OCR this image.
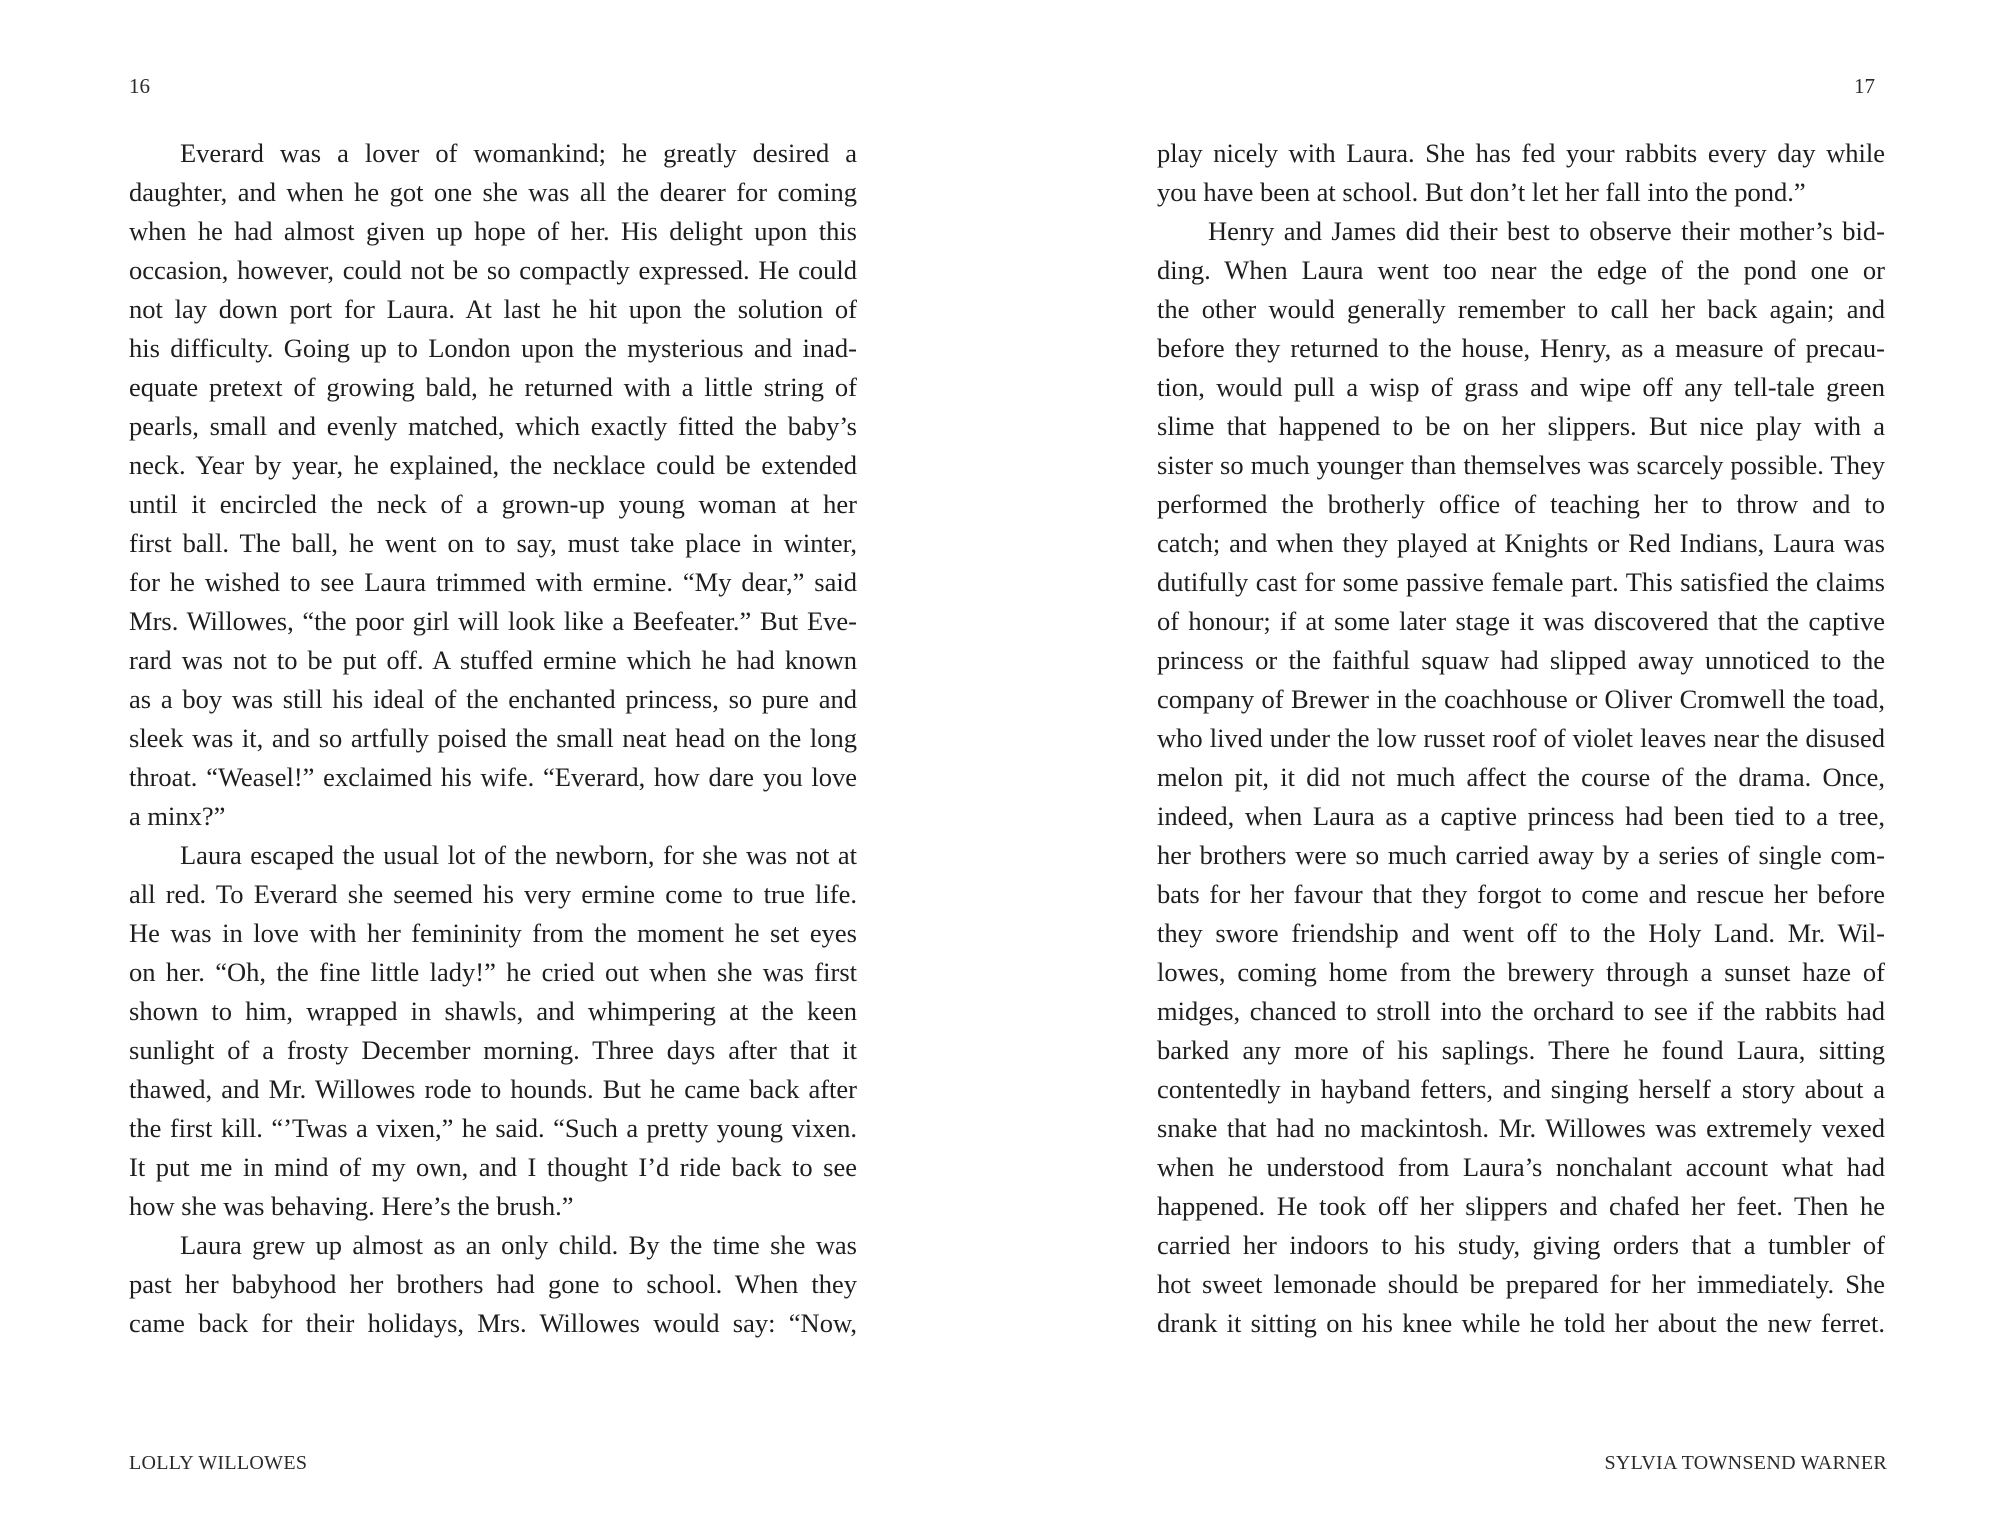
16
Everard was a lover of womankind; he greatly desired a
daughter, and when he got one she was all the dearer for coming
when he had almost given up hope of her. His delight upon this
occasion, however, could not be so compactly expressed. He could
not lay down port for Laura. At last he hit upon the solution of
his difficulty. Going up to London upon the mysterious and inad-
equate pretext of growing bald, he returned with a little string of
pearls, small and evenly matched, which exactly fitted the baby’s
neck. Year by year, he explained, the necklace could be extended
until it encircled the neck of a grown-up young woman at her
first ball. The ball, he went on to say, must take place in winter,
for he wished to see Laura trimmed with ermine. “My dear,” said
Mrs. Willowes, “the poor girl will look like a Beefeater.” But Eve-
rard was not to be put off. A stuffed ermine which he had known
as a boy was still his ideal of the enchanted princess, so pure and
sleek was it, and so artfully poised the small neat head on the long
throat. “Weasel!” exclaimed his wife. “Everard, how dare you love
a minx?”
Laura escaped the usual lot of the newborn, for she was not at
all red. To Everard she seemed his very ermine come to true life.
He was in love with her femininity from the moment he set eyes
on her. “Oh, the fine little lady!” he cried out when she was first
shown to him, wrapped in shawls, and whimpering at the keen
sunlight of a frosty December morning. Three days after that it
thawed, and Mr. Willowes rode to hounds. But he came back after
the first kill. “’Twas a vixen,” he said. “Such a pretty young vixen.
It put me in mind of my own, and I thought I’d ride back to see
how she was behaving. Here’s the brush.”
Laura grew up almost as an only child. By the time she was
past her babyhood her brothers had gone to school. When they
came back for their holidays, Mrs. Willowes would say: “Now,
LOLLY WILLOWES
17
play nicely with Laura. She has fed your rabbits every day while
you have been at school. But don’t let her fall into the pond.”
Henry and James did their best to observe their mother’s bid-
ding. When Laura went too near the edge of the pond one or
the other would generally remember to call her back again; and
before they returned to the house, Henry, as a measure of precau-
tion, would pull a wisp of grass and wipe off any tell-tale green
slime that happened to be on her slippers. But nice play with a
sister so much younger than themselves was scarcely possible. They
performed the brotherly office of teaching her to throw and to
catch; and when they played at Knights or Red Indians, Laura was
dutifully cast for some passive female part. This satisfied the claims
of honour; if at some later stage it was discovered that the captive
princess or the faithful squaw had slipped away unnoticed to the
company of Brewer in the coachhouse or Oliver Cromwell the toad,
who lived under the low russet roof of violet leaves near the disused
melon pit, it did not much affect the course of the drama. Once,
indeed, when Laura as a captive princess had been tied to a tree,
her brothers were so much carried away by a series of single com-
bats for her favour that they forgot to come and rescue her before
they swore friendship and went off to the Holy Land. Mr. Wil-
lowes, coming home from the brewery through a sunset haze of
midges, chanced to stroll into the orchard to see if the rabbits had
barked any more of his saplings. There he found Laura, sitting
contentedly in hayband fetters, and singing herself a story about a
snake that had no mackintosh. Mr. Willowes was extremely vexed
when he understood from Laura’s nonchalant account what had
happened. He took off her slippers and chafed her feet. Then he
carried her indoors to his study, giving orders that a tumbler of
hot sweet lemonade should be prepared for her immediately. She
drank it sitting on his knee while he told her about the new ferret.
SYLVIA TOWNSEND WARNER
